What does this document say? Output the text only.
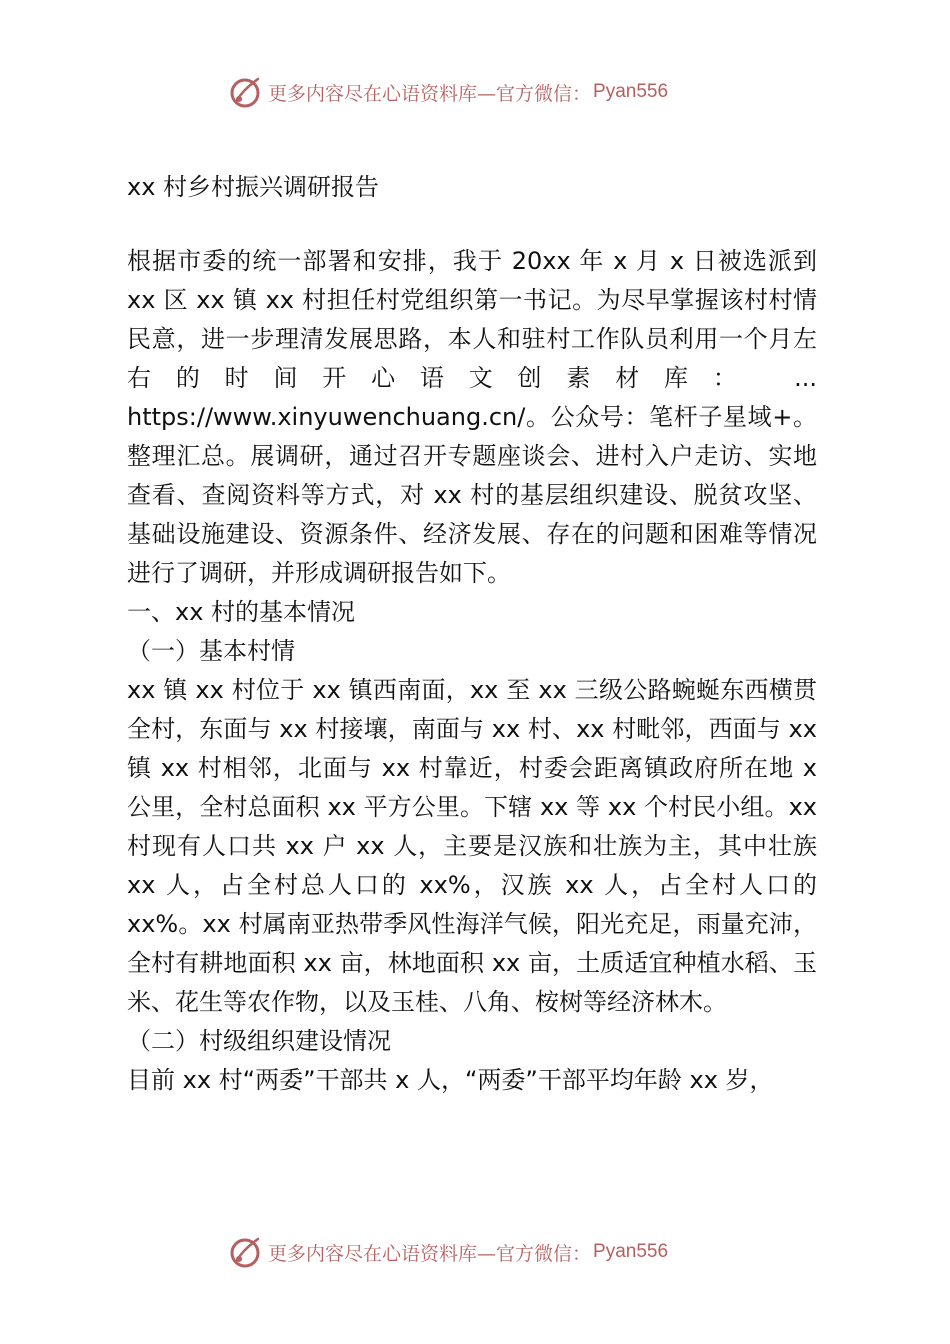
更多内容尽在心语资料库—官方微信： Pyan556
xx 村乡村振兴调研报告

根据市委的统一部署和安排，我于 20xx 年 x 月 x 日被选派到 xx 区 xx 镇 xx 村担任村党组织第一书记。为尽早掌握该村村情民意，进一步理清发展思路，本人和驻村工作队员利用一个月左右的时间开心语文创素材库： ... https://www.xinyuwenchuang.cn/。公众号：笔杆子星域+。整理汇总。展调研，通过召开专题座谈会、进村入户走访、实地查看、查阅资料等方式，对 xx 村的基层组织建设、脱贫攻坚、基础设施建设、资源条件、经济发展、存在的问题和困难等情况进行了调研，并形成调研报告如下。

一、xx 村的基本情况

（一）基本村情

xx 镇 xx 村位于 xx 镇西南面，xx 至 xx 三级公路蜿蜒东西横贯全村，东面与 xx 村接壤，南面与 xx 村、xx 村毗邻，西面与 xx 镇 xx 村相邻，北面与 xx 村靠近，村委会距离镇政府所在地 x 公里，全村总面积 xx 平方公里。下辖 xx 等 xx 个村民小组。xx 村现有人口共 xx 户 xx 人，主要是汉族和壮族为主，其中壮族 xx 人，占全村总人口的 xx%，汉族 xx 人，占全村人口的 xx%。xx 村属南亚热带季风性海洋气候，阳光充足，雨量充沛，全村有耕地面积 xx 亩，林地面积 xx 亩，土质适宜种植水稻、玉米、花生等农作物，以及玉桂、八角、桉树等经济林木。

（二）村级组织建设情况

目前 xx 村“两委”干部共 x 人，“两委”干部平均年龄 xx 岁，

更多内容尽在心语资料库—官方微信： Pyan556
